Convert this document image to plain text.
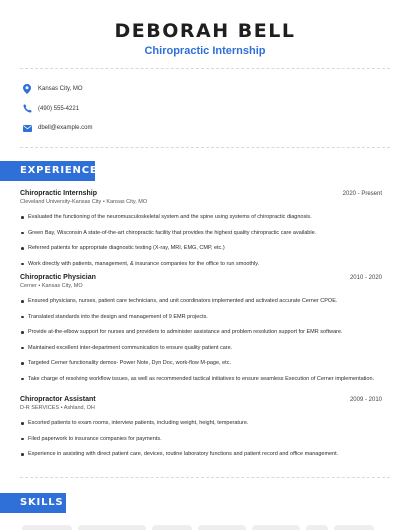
DEBORAH BELL
Chiropractic Internship
Kansas City, MO
(490) 555-4221
dbell@example.com
EXPERIENCE
Chiropractic Internship	2020 - Present
Cleveland University-Kansas City • Kansas City, MO
Evaluated the functioning of the neuromusculoskeletal system and the spine using systems of chiropractic diagnosis.
Green Bay, Wisconsin A state-of-the-art chiropractic facility that provides the highest quality chiropractic care available.
Referred patients for appropriate diagnostic testing (X-ray, MRI, EMG, CMP, etc.)
Work directly with patients, management, & insurance companies for the office to run smoothly.
Chiropractic Physician	2010 - 2020
Cerner • Kansas City, MO
Ensured physicians, nurses, patient care technicians, and unit coordinators implemented and activated accurate Cerner CPOE.
Translated standards into the design and management of 9 EMR projects.
Provide at-the-elbow support for nurses and providers to administer assistance and problem resolution support for EMR software.
Maintained excellent inter-department communication to ensure quality patient care.
Targeted Cerner functionality demos- Power Note, Dyn Doc, work-flow M-page, etc.
Take charge of resolving workflow issues, as well as recommended tactical initiatives to ensure seamless Execution of Cerner implementation.
Chiropractor Assistant	2009 - 2010
D-R SERVICES • Ashland, OH
Escorted patients to exam rooms, interview patients, including weight, height, temperature.
Filed paperwork to insurance companies for payments.
Experience in assisting with direct patient care, devices, routine laboratory functions and patient record and office management.
SKILLS
